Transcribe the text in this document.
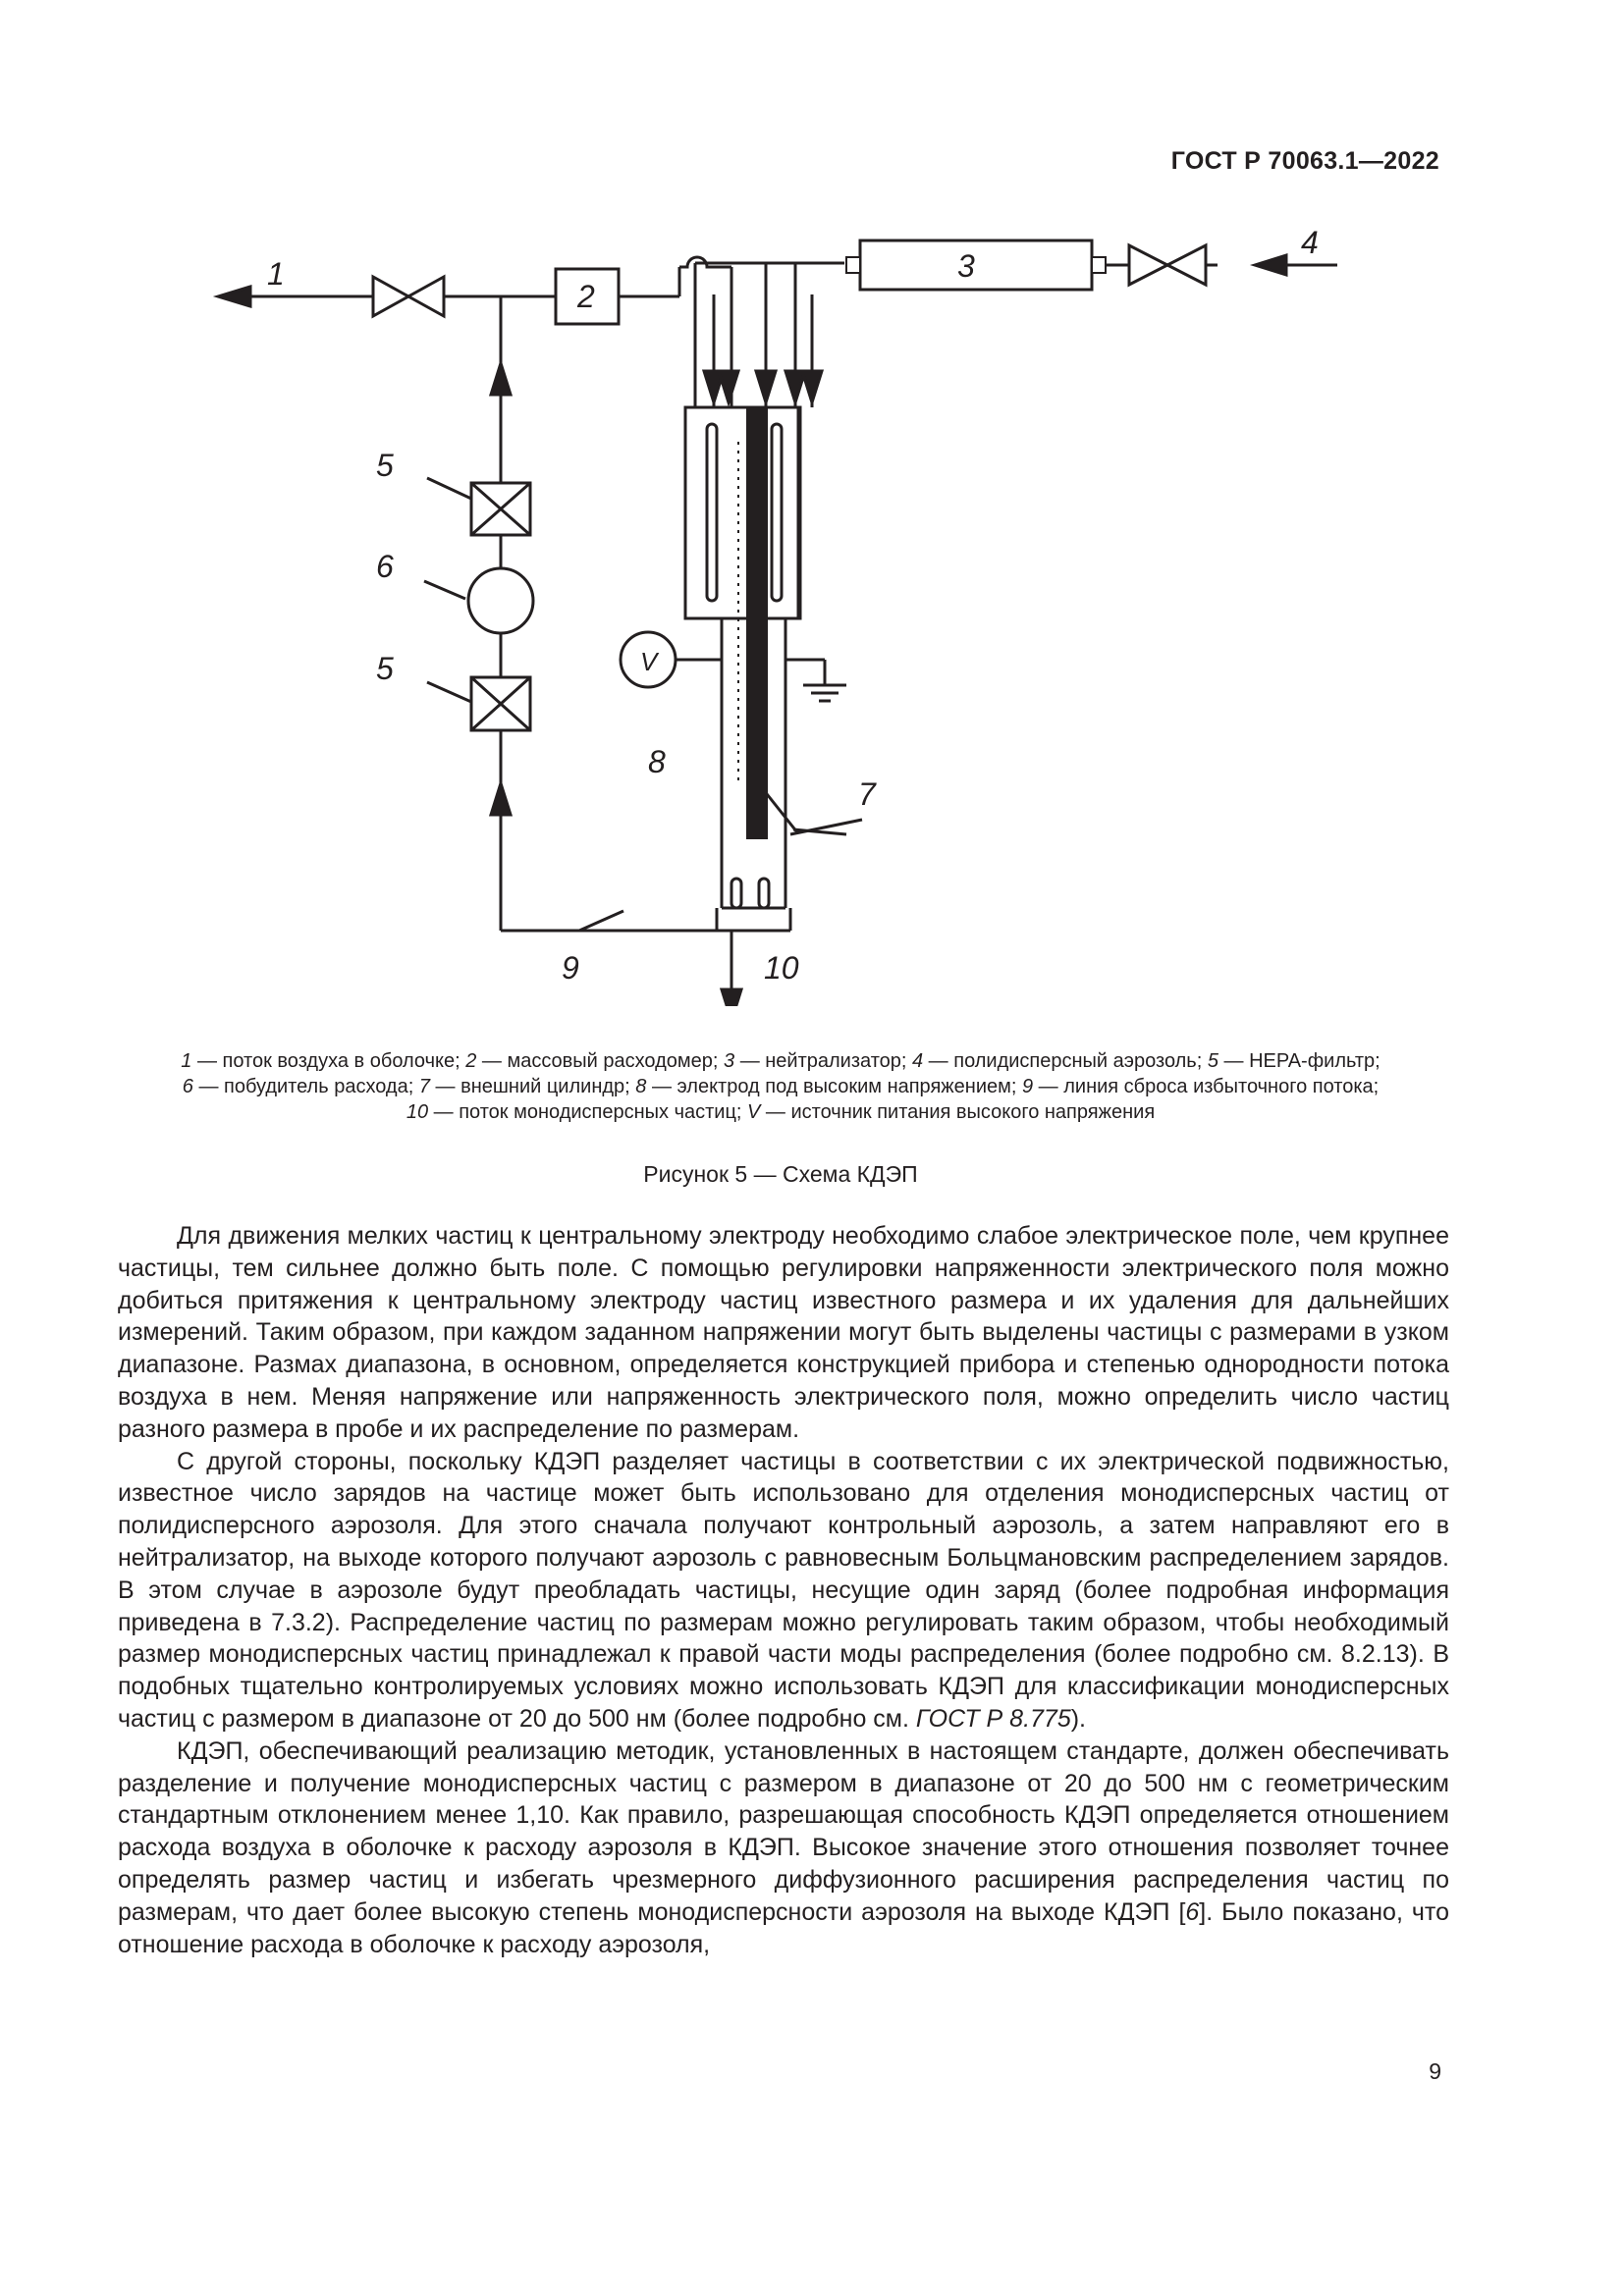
ГОСТ Р 70063.1—2022
1
2
3
4
5
6
5	V
8
7
9	10
1 — поток воздуха в оболочке; 2 — массовый расходомер; 3 — нейтрализатор; 4 — полидисперсный аэрозоль; 5 — HEPA-фильтр;
6 — побудитель расхода; 7 — внешний цилиндр; 8 — электрод под высоким напряжением; 9 — линия сброса избыточного потока;
10 — поток монодисперсных частиц; V — источник питания высокого напряжения
Рисунок 5 — Схема КДЭП

Для движения мелких частиц к центральному электроду необходимо слабое электрическое поле, чем крупнее частицы, тем сильнее должно быть поле. С помощью регулировки напряженности электрического поля можно добиться притяжения к центральному электроду частиц известного размера и их удаления для дальнейших измерений. Таким образом, при каждом заданном напряжении могут быть выделены частицы с размерами в узком диапазоне. Размах диапазона, в основном, определяется конструкцией прибора и степенью однородности потока воздуха в нем. Меняя напряжение или напряженность электрического поля, можно определить число частиц разного размера в пробе и их распределение по размерам.

С другой стороны, поскольку КДЭП разделяет частицы в соответствии с их электрической подвижностью, известное число зарядов на частице может быть использовано для отделения монодисперсных частиц от полидисперсного аэрозоля. Для этого сначала получают контрольный аэрозоль, а затем направляют его в нейтрализатор, на выходе которого получают аэрозоль с равновесным Больцмановским распределением зарядов. В этом случае в аэрозоле будут преобладать частицы, несущие один заряд (более подробная информация приведена в 7.3.2). Распределение частиц по размерам можно регулировать таким образом, чтобы необходимый размер монодисперсных частиц принадлежал к правой части моды распределения (более подробно см. 8.2.13). В подобных тщательно контролируемых условиях можно использовать КДЭП для классификации монодисперсных частиц с размером в диапазоне от 20 до 500 нм (более подробно см. ГОСТ Р 8.775).

КДЭП, обеспечивающий реализацию методик, установленных в настоящем стандарте, должен обеспечивать разделение и получение монодисперсных частиц с размером в диапазоне от 20 до 500 нм с геометрическим стандартным отклонением менее 1,10. Как правило, разрешающая способность КДЭП определяется отношением расхода воздуха в оболочке к расходу аэрозоля в КДЭП. Высокое значение этого отношения позволяет точнее определять размер частиц и избегать чрезмерного диффузионного расширения распределения частиц по размерам, что дает более высокую степень монодисперсности аэрозоля на выходе КДЭП [6]. Было показано, что отношение расхода в оболочке к расходу аэрозоля,

9
